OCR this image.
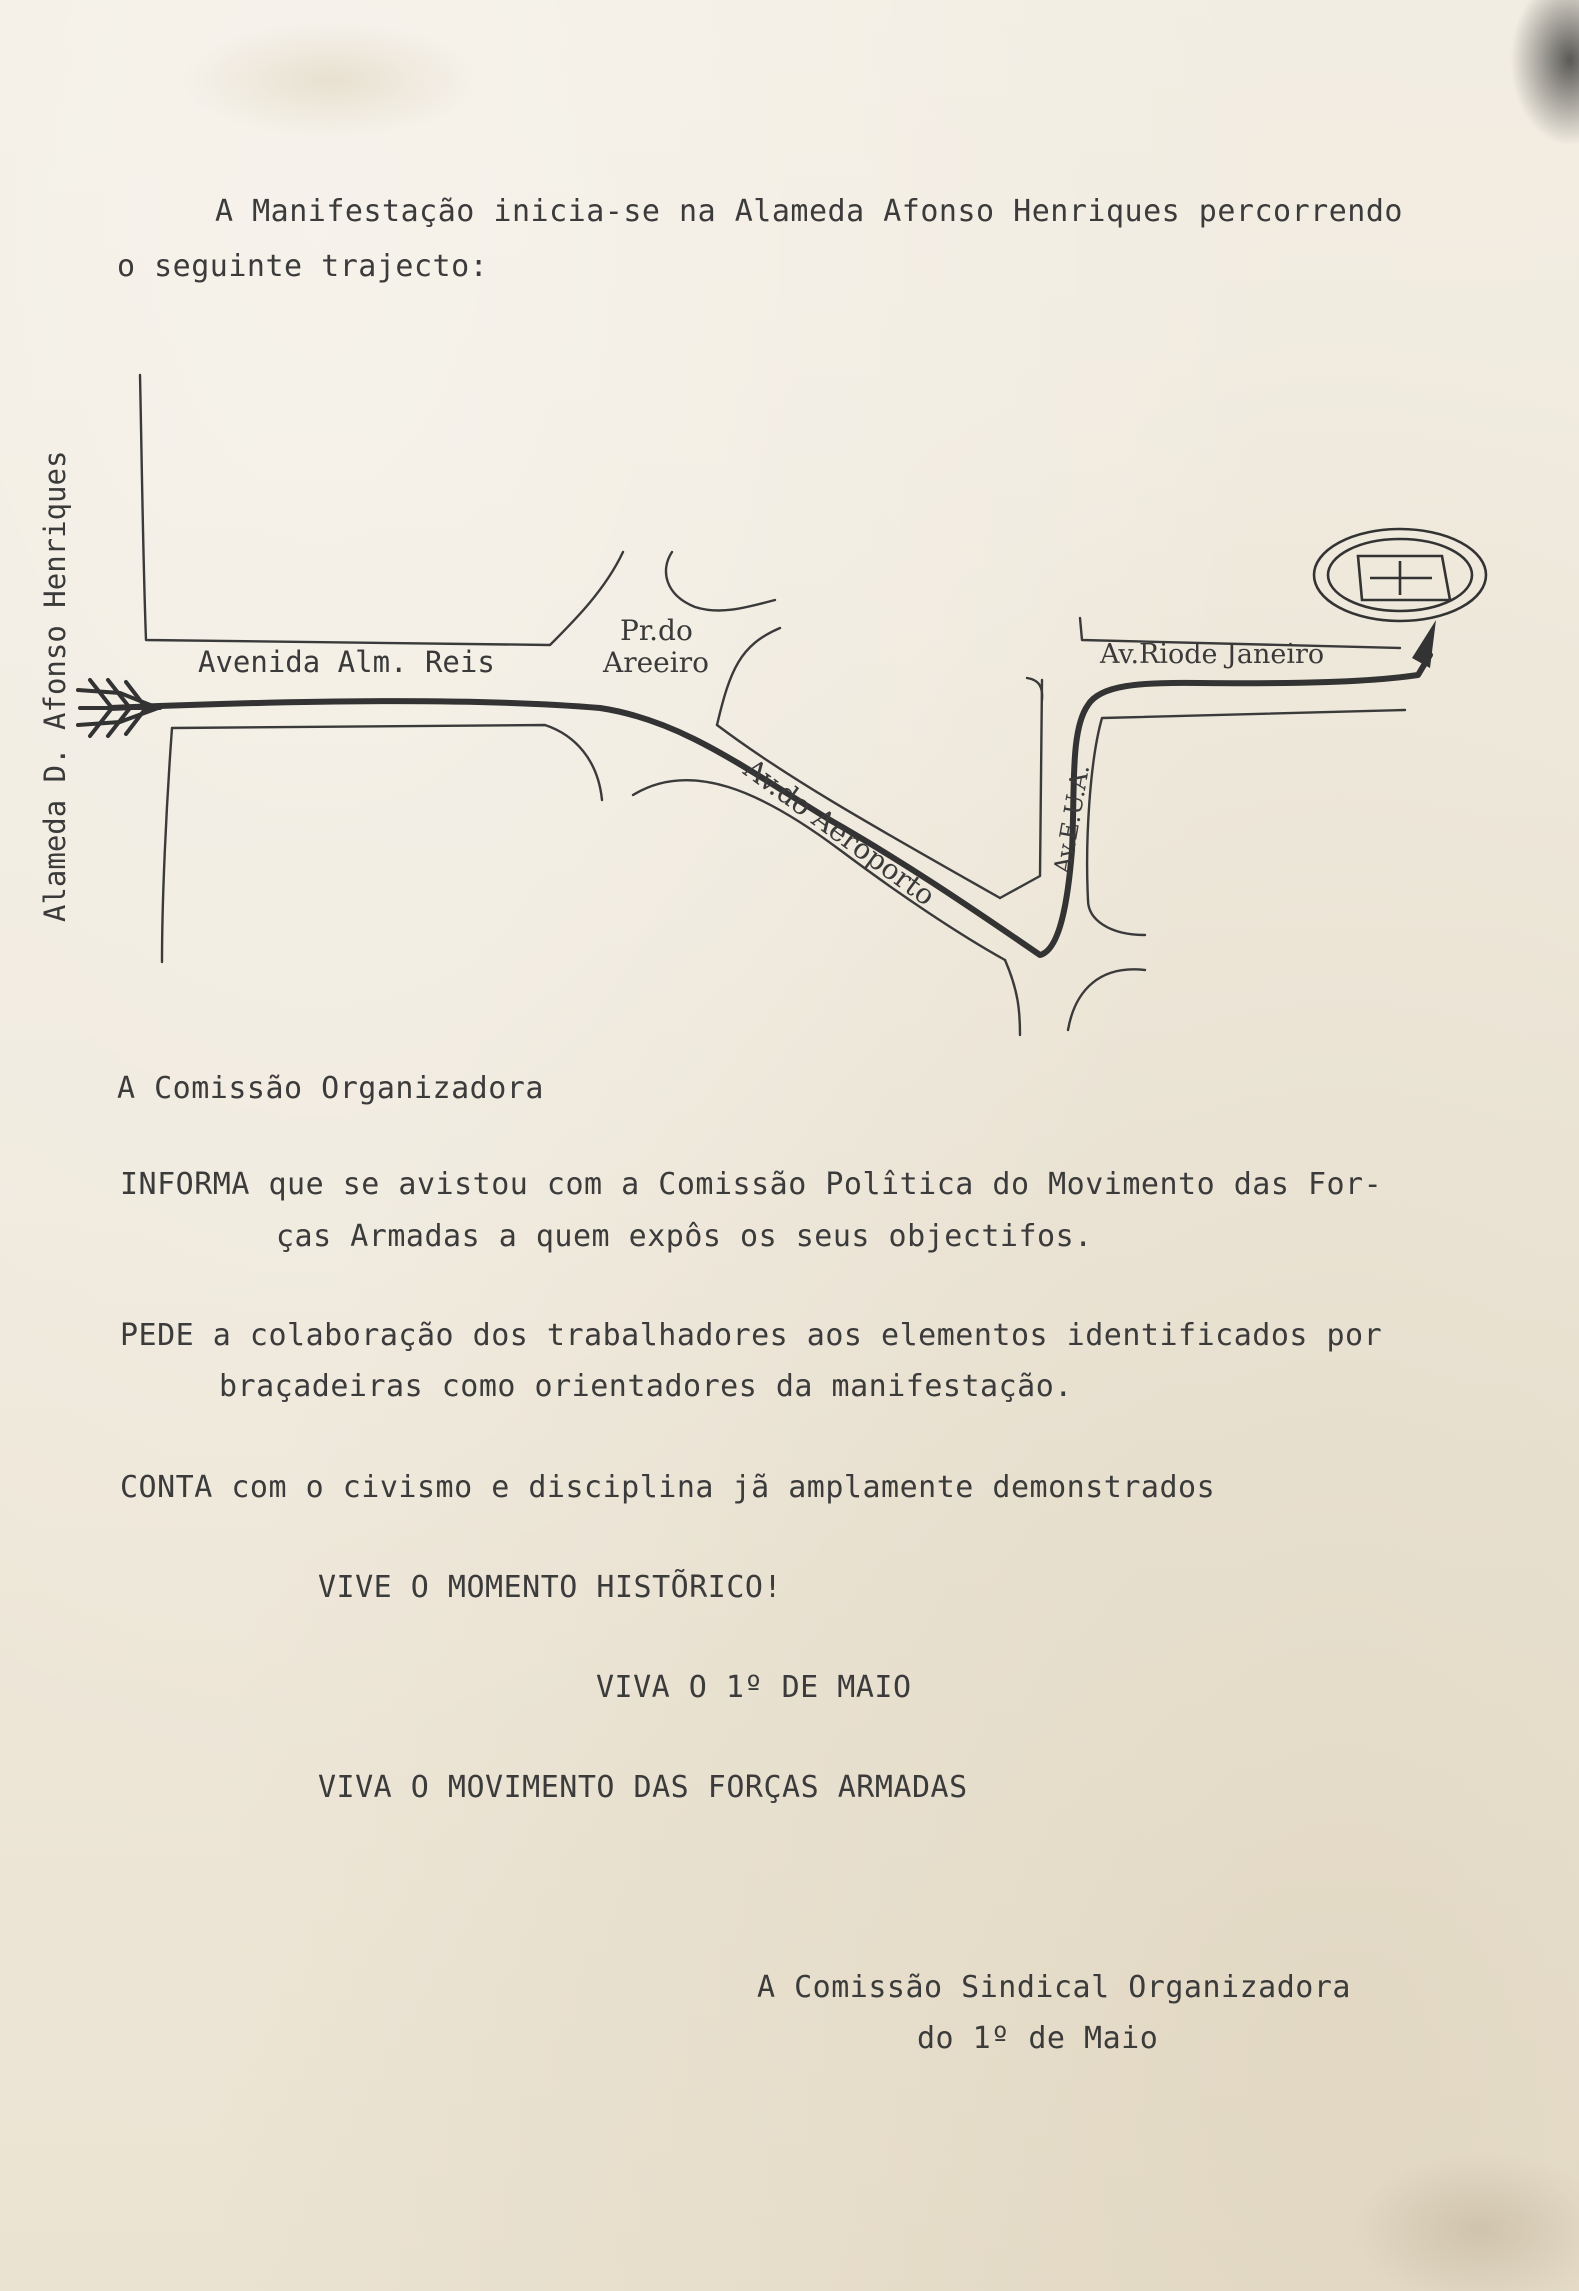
A Manifestação inicia-se na Alameda Afonso Henriques percorrendo
o seguinte trajecto:
Alameda D. Afonso Henriques	Avenida Alm. Reis
Pr.do
Areeiro
Av.do Aeroporto	Av.E.U.A.
Av.Riode Janeiro
A Comissão Organizadora
INFORMA que se avistou com a Comissão Polîtica do Movimento das For-
ças Armadas a quem expôs os seus objectifos.
PEDE a colaboração dos trabalhadores aos elementos identificados por
braçadeiras como orientadores da manifestação.
CONTA com o civismo e disciplina jã amplamente demonstrados
VIVE O MOMENTO HISTÕRICO!
VIVA O 1º DE MAIO
VIVA O MOVIMENTO DAS FORÇAS ARMADAS
A Comissão Sindical Organizadora
do 1º de Maio
